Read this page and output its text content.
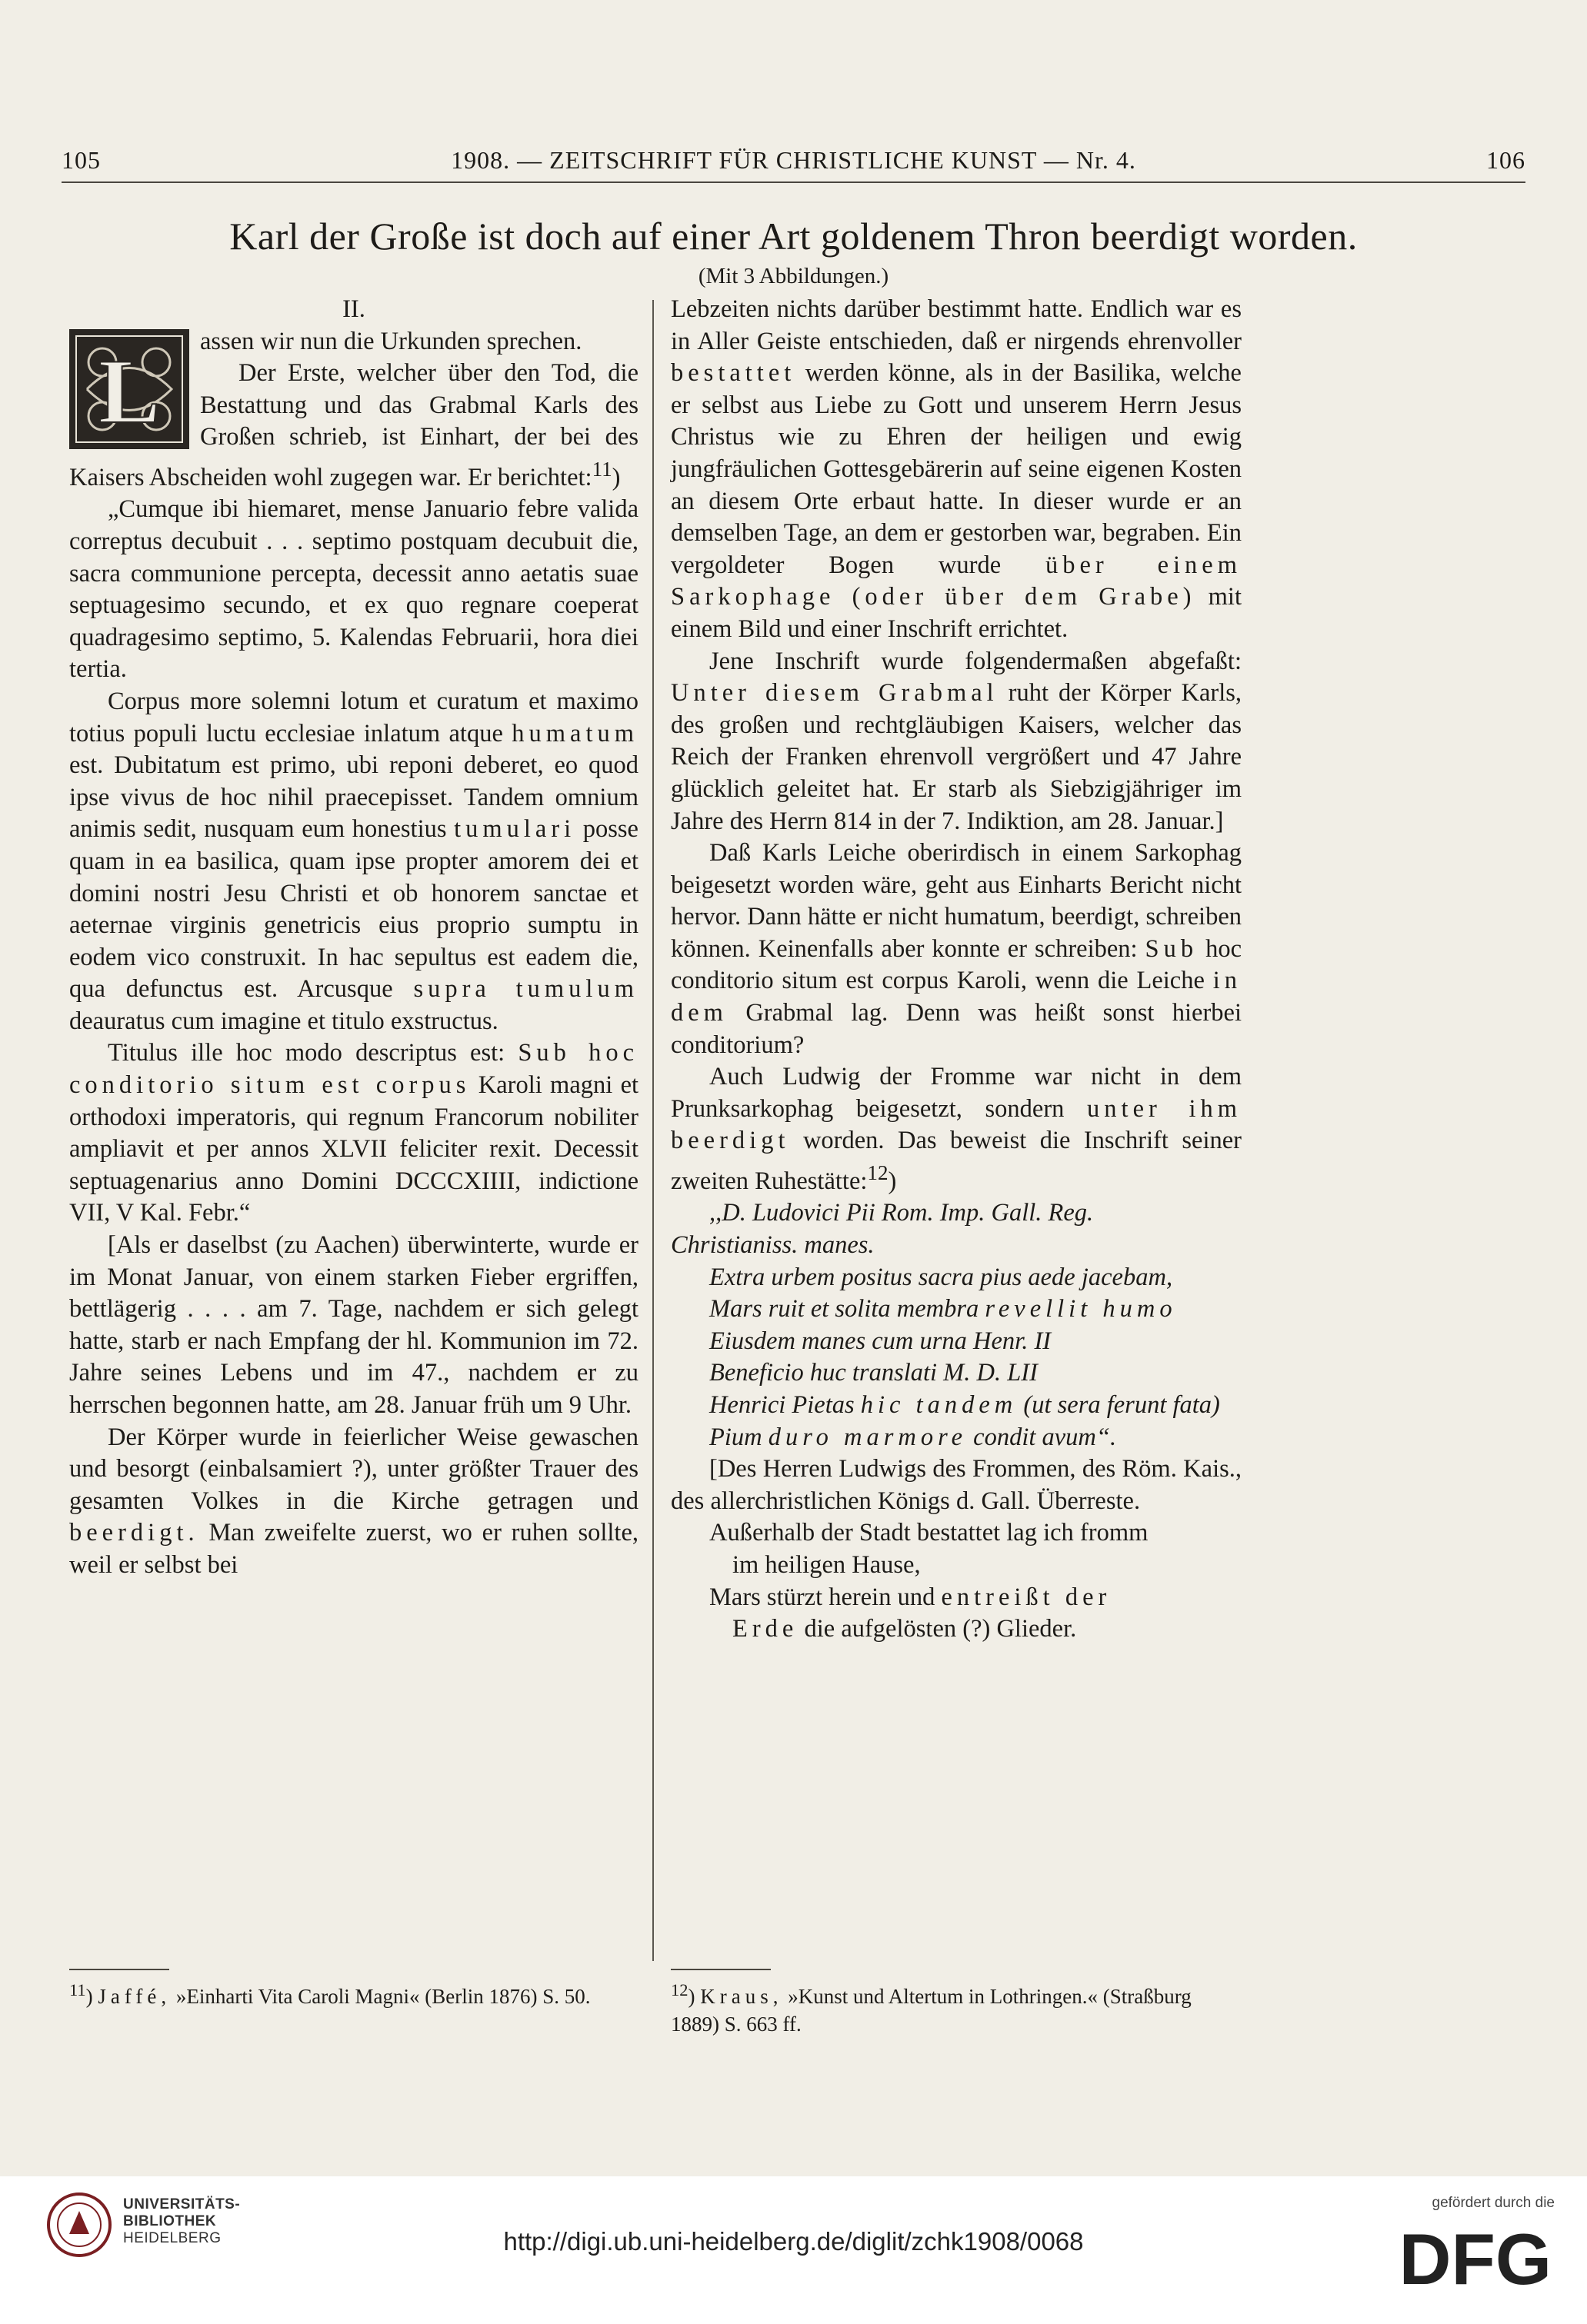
105	1908. — ZEITSCHRIFT FÜR CHRISTLICHE KUNST — Nr. 4.	106
Karl der Große ist doch auf einer Art goldenem Thron beerdigt worden.
(Mit 3 Abbildungen.)

II.

L	assen wir nun die Urkunden sprechen.

Der Erste, welcher über den Tod, die Bestattung und das Grabmal Karls des Großen schrieb, ist Einhart, der bei des Kaisers Abscheiden wohl zugegen war. Er berichtet:$^{11}$)

„Cumque ibi hiemaret, mense Januario febre valida correptus decubuit . . . septimo postquam decubuit die, sacra communione percepta, decessit anno aetatis suae septuagesimo secundo, et ex quo regnare coeperat quadragesimo septimo, 5. Kalendas Februarii, hora diei tertia.

Corpus more solemni lotum et curatum et maximo totius populi luctu ecclesiae inlatum atque humatum est. Dubitatum est primo, ubi reponi deberet, eo quod ipse vivus de hoc nihil praecepisset. Tandem omnium animis sedit, nusquam eum honestius tumulari posse quam in ea basilica, quam ipse propter amorem dei et domini nostri Jesu Christi et ob honorem sanctae et aeternae virginis genetricis eius proprio sumptu in eodem vico construxit. In hac sepultus est eadem die, qua defunctus est. Arcusque supra tumulum deauratus cum imagine et titulo exstructus.

Titulus ille hoc modo descriptus est: Sub hoc conditorio situm est corpus Karoli magni et orthodoxi imperatoris, qui regnum Francorum nobiliter ampliavit et per annos XLVII feliciter rexit. Decessit septuagenarius anno Domini DCCCXIIII, indictione VII, V Kal. Febr.“

[Als er daselbst (zu Aachen) überwinterte, wurde er im Monat Januar, von einem starken Fieber ergriffen, bettlägerig . . . . am 7. Tage, nachdem er sich gelegt hatte, starb er nach Empfang der hl. Kommunion im 72. Jahre seines Lebens und im 47., nachdem er zu herrschen begonnen hatte, am 28. Januar früh um 9 Uhr.

Der Körper wurde in feierlicher Weise gewaschen und besorgt (einbalsamiert ?), unter größter Trauer des gesamten Volkes in die Kirche getragen und beerdigt. Man zweifelte zuerst, wo er ruhen sollte, weil er selbst bei

Lebzeiten nichts darüber bestimmt hatte. Endlich war es in Aller Geiste entschieden, daß er nirgends ehrenvoller bestattet werden könne, als in der Basilika, welche er selbst aus Liebe zu Gott und unserem Herrn Jesus Christus wie zu Ehren der heiligen und ewig jungfräulichen Gottesgebärerin auf seine eigenen Kosten an diesem Orte erbaut hatte. In dieser wurde er an demselben Tage, an dem er gestorben war, begraben. Ein vergoldeter Bogen wurde über einem Sarkophage (oder über dem Grabe) mit einem Bild und einer Inschrift errichtet.

Jene Inschrift wurde folgendermaßen abgefaßt: Unter diesem Grabmal ruht der Körper Karls, des großen und rechtgläubigen Kaisers, welcher das Reich der Franken ehrenvoll vergrößert und 47 Jahre glücklich geleitet hat. Er starb als Siebzigjähriger im Jahre des Herrn 814 in der 7. Indiktion, am 28. Januar.]

Daß Karls Leiche oberirdisch in einem Sarkophag beigesetzt worden wäre, geht aus Einharts Bericht nicht hervor. Dann hätte er nicht humatum, beerdigt, schreiben können. Keinenfalls aber konnte er schreiben: Sub hoc conditorio situm est corpus Karoli, wenn die Leiche in dem Grabmal lag. Denn was heißt sonst hierbei conditorium?

Auch Ludwig der Fromme war nicht in dem Prunksarkophag beigesetzt, sondern unter ihm beerdigt worden. Das beweist die Inschrift seiner zweiten Ruhestätte:$^{12}$)

,,D. Ludovici Pii Rom. Imp. Gall. Reg.

Christianiss. manes.

Extra urbem positus sacra pius aede jacebam,

Mars ruit et solita membra revellit humo

Eiusdem manes cum urna Henr. II

Beneficio huc translati M. D. LII

Henrici Pietas hic tandem (ut sera ferunt fata)

Pium duro marmore condit avum“.

[Des Herren Ludwigs des Frommen, des Röm. Kais., des allerchristlichen Königs d. Gall. Überreste.

Außerhalb der Stadt bestattet lag ich fromm

im heiligen Hause,

Mars stürzt herein und entreißt der

Erde die aufgelösten (?) Glieder.

$^{11}$) Jaffé, »Einharti Vita Caroli Magni« (Berlin 1876) S. 50.	$^{12}$) Kraus, »Kunst und Altertum in Lothringen.« (Straßburg 1889) S. 663 ff.
UNIVERSITÄTS-
BIBLIOTHEK
HEIDELBERG	http://digi.ub.uni-heidelberg.de/diglit/zchk1908/0068
gefördert durch die
DFG
